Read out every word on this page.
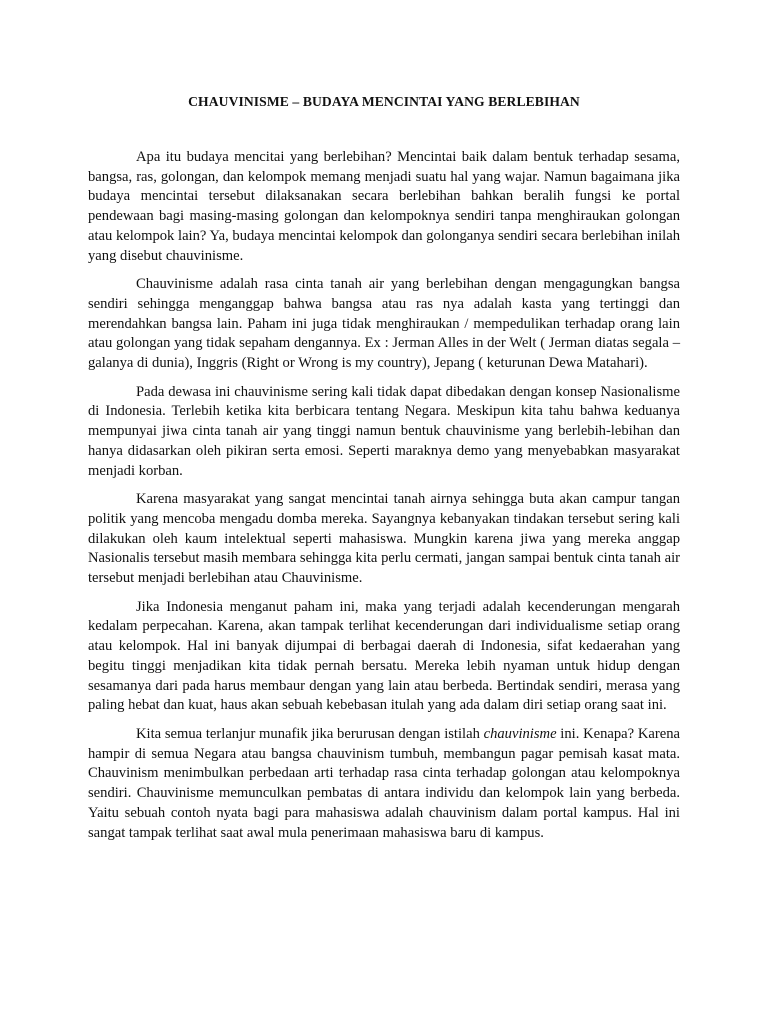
CHAUVINISME – BUDAYA MENCINTAI YANG BERLEBIHAN

Apa itu budaya mencitai yang berlebihan? Mencintai baik dalam bentuk terhadap sesama, bangsa, ras, golongan, dan kelompok memang menjadi suatu hal yang wajar. Namun bagaimana jika budaya mencintai tersebut dilaksanakan secara berlebihan bahkan beralih fungsi ke portal pendewaan bagi masing-masing golongan dan kelompoknya sendiri tanpa menghiraukan golongan atau kelompok lain? Ya, budaya mencintai kelompok dan golonganya sendiri secara berlebihan inilah yang disebut chauvinisme.

Chauvinisme adalah rasa cinta tanah air yang berlebihan dengan mengagungkan bangsa sendiri sehingga menganggap bahwa bangsa atau ras nya adalah kasta yang tertinggi dan merendahkan bangsa lain. Paham ini juga tidak menghiraukan / mempedulikan terhadap orang lain atau golongan yang tidak sepaham dengannya. Ex : Jerman Alles in der Welt ( Jerman diatas segala – galanya di dunia), Inggris (Right or Wrong is my country), Jepang ( keturunan Dewa Matahari).

Pada dewasa ini chauvinisme sering kali tidak dapat dibedakan dengan konsep Nasionalisme di Indonesia. Terlebih ketika kita berbicara tentang Negara. Meskipun kita tahu bahwa keduanya mempunyai jiwa cinta tanah air yang tinggi namun bentuk chauvinisme yang berlebih-lebihan dan hanya didasarkan oleh pikiran serta emosi. Seperti maraknya demo yang menyebabkan masyarakat menjadi korban.

Karena masyarakat yang sangat mencintai tanah airnya sehingga buta akan campur tangan politik yang mencoba mengadu domba mereka. Sayangnya kebanyakan tindakan tersebut sering kali dilakukan oleh kaum intelektual seperti mahasiswa. Mungkin karena jiwa yang mereka anggap Nasionalis tersebut masih membara sehingga kita perlu cermati, jangan sampai bentuk cinta tanah air tersebut menjadi berlebihan atau Chauvinisme.

Jika Indonesia menganut paham ini, maka yang terjadi adalah kecenderungan mengarah kedalam perpecahan. Karena, akan tampak terlihat kecenderungan dari individualisme setiap orang atau kelompok. Hal ini banyak dijumpai di berbagai daerah di Indonesia, sifat kedaerahan yang begitu tinggi menjadikan kita tidak pernah bersatu. Mereka lebih nyaman untuk hidup dengan sesamanya dari pada harus membaur dengan yang lain atau berbeda. Bertindak sendiri, merasa yang paling hebat dan kuat, haus akan sebuah kebebasan itulah yang ada dalam diri setiap orang saat ini.

Kita semua terlanjur munafik jika berurusan dengan istilah chauvinisme ini. Kenapa? Karena hampir di semua Negara atau bangsa chauvinism tumbuh, membangun pagar pemisah kasat mata. Chauvinism menimbulkan perbedaan arti terhadap rasa cinta terhadap golongan atau kelompoknya sendiri. Chauvinisme memunculkan pembatas di antara individu dan kelompok lain yang berbeda. Yaitu sebuah contoh nyata bagi para mahasiswa adalah chauvinism dalam portal kampus. Hal ini sangat tampak terlihat saat awal mula penerimaan mahasiswa baru di kampus.
